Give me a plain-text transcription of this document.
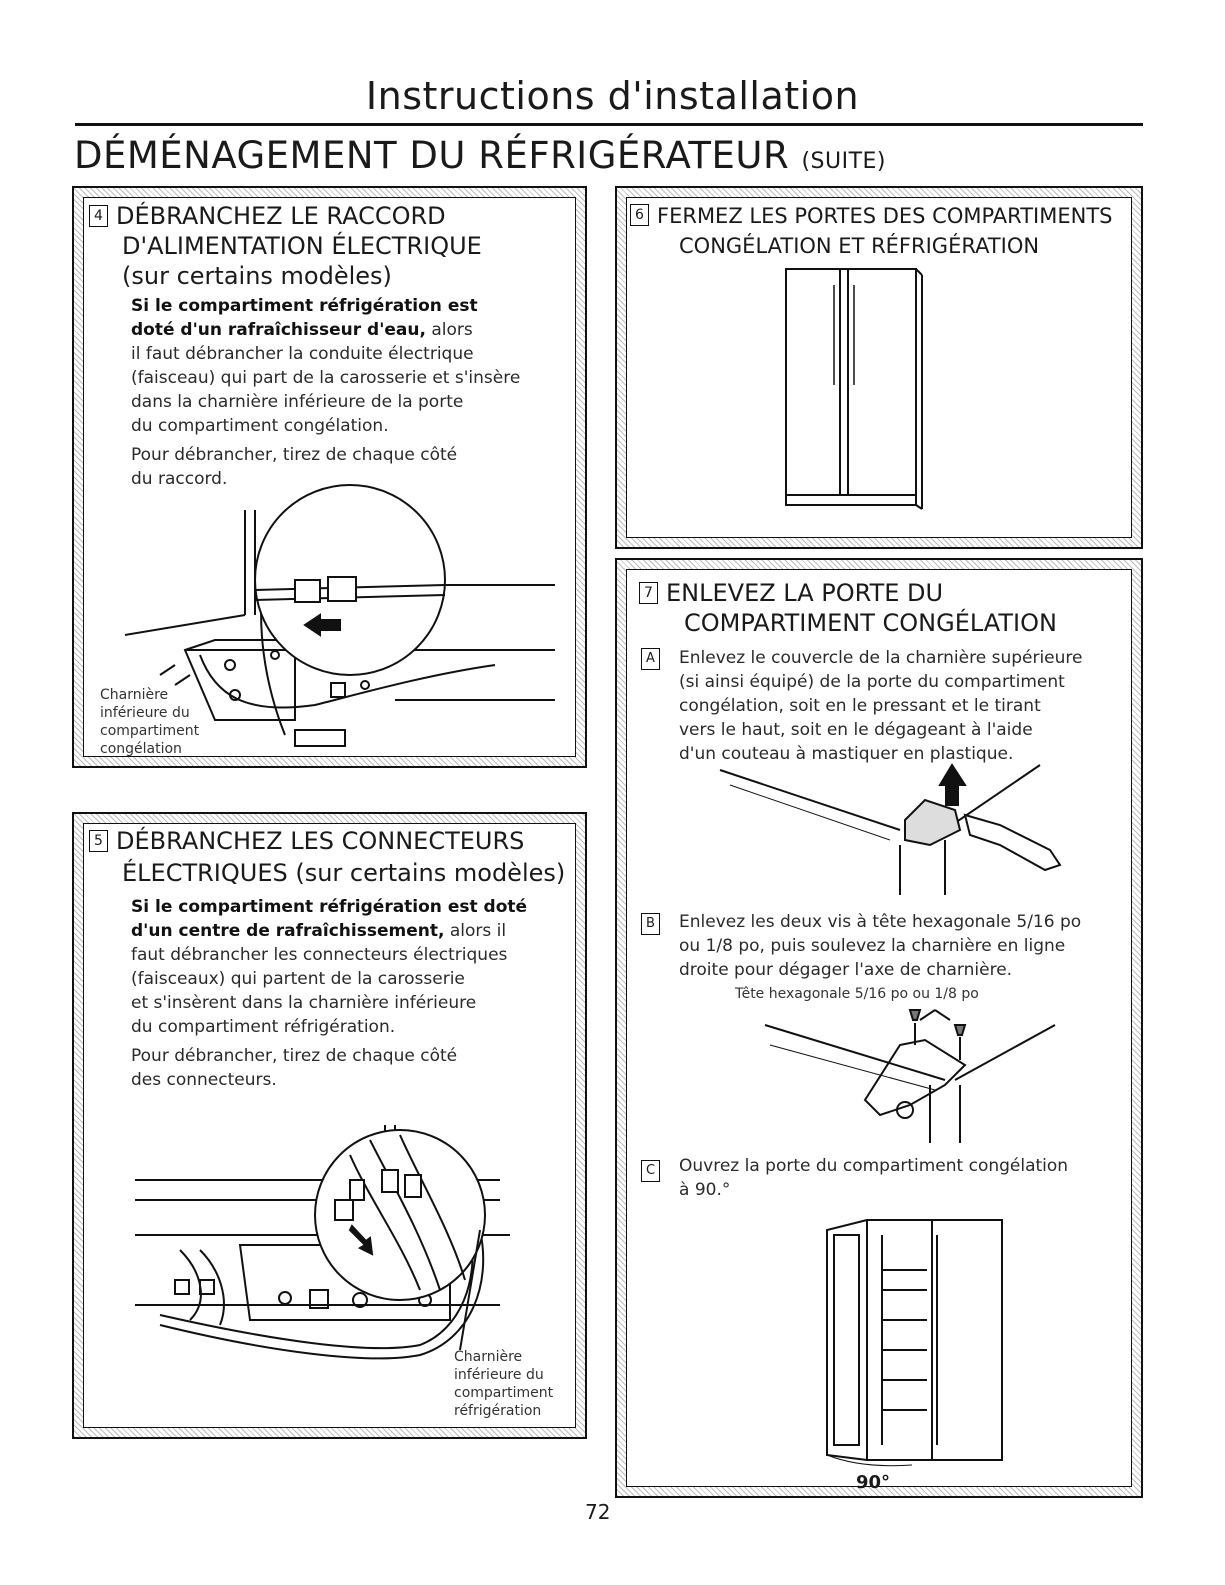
Instructions d'installation
DÉMÉNAGEMENT DU RÉFRIGÉRATEUR (SUITE)
4 DÉBRANCHEZ LE RACCORD
D'ALIMENTATION ÉLECTRIQUE
(sur certains modèles)
Si le compartiment réfrigération est
doté d'un rafraîchisseur d'eau, alors
il faut débrancher la conduite électrique
(faisceau) qui part de la carosserie et s'insère
dans la charnière inférieure de la porte
du compartiment congélation.
Pour débrancher, tirez de chaque côté
du raccord.
Charnière
inférieure du
compartiment
congélation
5 DÉBRANCHEZ LES CONNECTEURS
ÉLECTRIQUES (sur certains modèles)
Si le compartiment réfrigération est doté
d'un centre de rafraîchissement, alors il
faut débrancher les connecteurs électriques
(faisceaux) qui partent de la carosserie
et s'insèrent dans la charnière inférieure
du compartiment réfrigération.
Pour débrancher, tirez de chaque côté
des connecteurs.
Charnière
inférieure du
compartiment
réfrigération
6 FERMEZ LES PORTES DES COMPARTIMENTS
CONGÉLATION ET RÉFRIGÉRATION
7 ENLEVEZ LA PORTE DU
COMPARTIMENT CONGÉLATION
A Enlevez le couvercle de la charnière supérieure
(si ainsi équipé) de la porte du compartiment
congélation, soit en le pressant et le tirant
vers le haut, soit en le dégageant à l'aide
d'un couteau à mastiquer en plastique.
B Enlevez les deux vis à tête hexagonale 5/16 po
ou 1/8 po, puis soulevez la charnière en ligne
droite pour dégager l'axe de charnière.
Tête hexagonale 5/16 po ou 1/8 po
C Ouvrez la porte du compartiment congélation
à 90.°
90°
72
